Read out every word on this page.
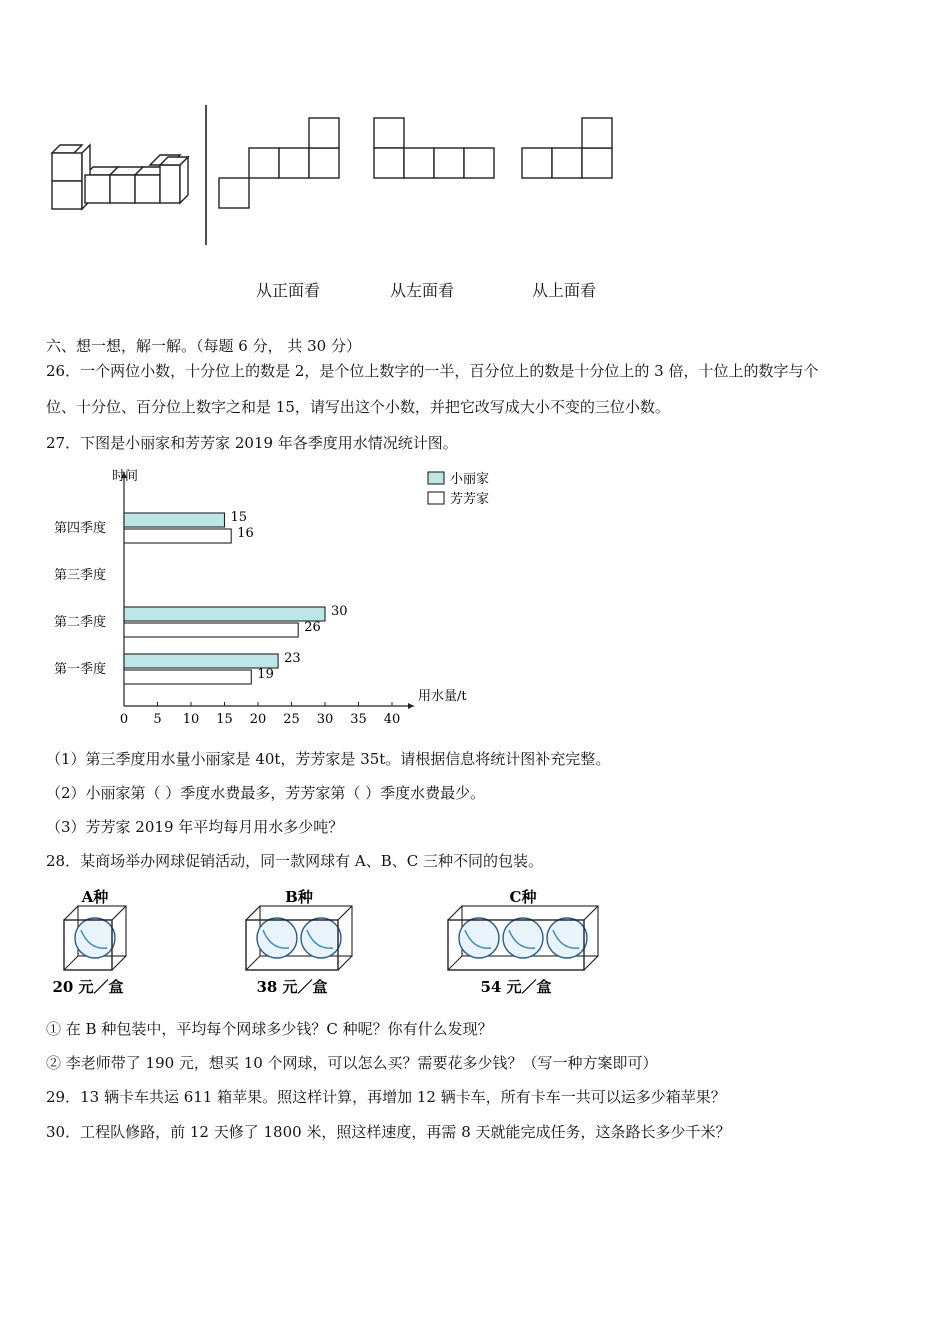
从正面看	从左面看	从上面看
六、想一想，解一解。（每题 6 分， 共 30 分）
26．一个两位小数，十分位上的数是 2，是个位上数字的一半，百分位上的数是十分位上的 3 倍，十位上的数字与个
位、十分位、百分位上数字之和是 15，请写出这个小数，并把它改写成大小不变的三位小数。
27．下图是小丽家和芳芳家 2019 年各季度用水情况统计图。
时间
用水量/t
0 5 10 15 20 25 30 35 40
第四季度
15
16
第三季度
第二季度
30
26
第一季度
23
19
小丽家
芳芳家
（1）第三季度用水量小丽家是 40t，芳芳家是 35t。请根据信息将统计图补充完整。
（2）小丽家第（ ）季度水费最多，芳芳家第（ ）季度水费最少。
（3）芳芳家 2019 年平均每月用水多少吨？
28．某商场举办网球促销活动，同一款网球有 A、B、C 三种不同的包装。
A种
20 元／盒
B种
38 元／盒
C种
54 元／盒
① 在 B 种包装中，平均每个网球多少钱？C 种呢？你有什么发现？
② 李老师带了 190 元，想买 10 个网球，可以怎么买？需要花多少钱？（写一种方案即可）
29．13 辆卡车共运 611 箱苹果。照这样计算，再增加 12 辆卡车，所有卡车一共可以运多少箱苹果？
30．工程队修路，前 12 天修了 1800 米，照这样速度，再需 8 天就能完成任务，这条路长多少千米？
